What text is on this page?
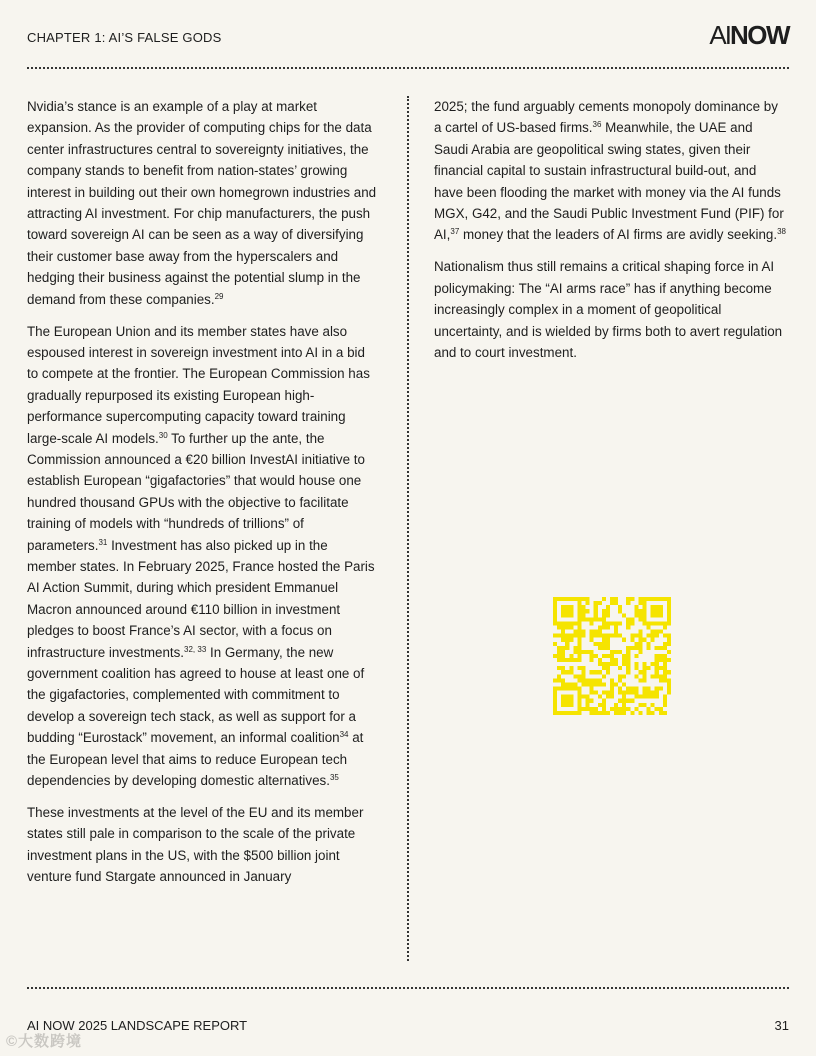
CHAPTER 1: AI’S FALSE GODS	AINOW

Nvidia’s stance is an example of a play at market expansion. As the provider of computing chips for the data center infrastructures central to sovereignty initiatives, the company stands to benefit from nation-states’ growing interest in building out their own homegrown industries and attracting AI investment. For chip manufacturers, the push toward sovereign AI can be seen as a way of diversifying their customer base away from the hyperscalers and hedging their business against the potential slump in the demand from these companies.$^{29}$

The European Union and its member states have also espoused interest in sovereign investment into AI in a bid to compete at the frontier. The European Commission has gradually repurposed its existing European high-performance supercomputing capacity toward training large-scale AI models.$^{30}$ To further up the ante, the Commission announced a €20 billion InvestAI initiative to establish European “gigafactories” that would house one hundred thousand GPUs with the objective to facilitate training of models with “hundreds of trillions” of parameters.$^{31}$ Investment has also picked up in the member states. In February 2025, France hosted the Paris AI Action Summit, during which president Emmanuel Macron announced around €110 billion in investment pledges to boost France’s AI sector, with a focus on infrastructure investments.$^{32, 33}$ In Germany, the new government coalition has agreed to house at least one of the gigafactories, complemented with commitment to develop a sovereign tech stack, as well as support for a budding “Eurostack” movement, an informal coalition$^{34}$ at the European level that aims to reduce European tech dependencies by developing domestic alternatives.$^{35}$

These investments at the level of the EU and its member states still pale in comparison to the scale of the private investment plans in the US, with the $500 billion joint venture fund Stargate announced in January

2025; the fund arguably cements monopoly dominance by a cartel of US-based firms.$^{36}$ Meanwhile, the UAE and Saudi Arabia are geopolitical swing states, given their financial capital to sustain infrastructural build-out, and have been flooding the market with money via the AI funds MGX, G42, and the Saudi Public Investment Fund (PIF) for AI,$^{37}$ money that the leaders of AI firms are avidly seeking.$^{38}$

Nationalism thus still remains a critical shaping force in AI policymaking: The “AI arms race” has if anything become increasingly complex in a moment of geopolitical uncertainty, and is wielded by firms both to avert regulation and to court investment.

AI NOW 2025 LANDSCAPE REPORT	31
©大数跨境
